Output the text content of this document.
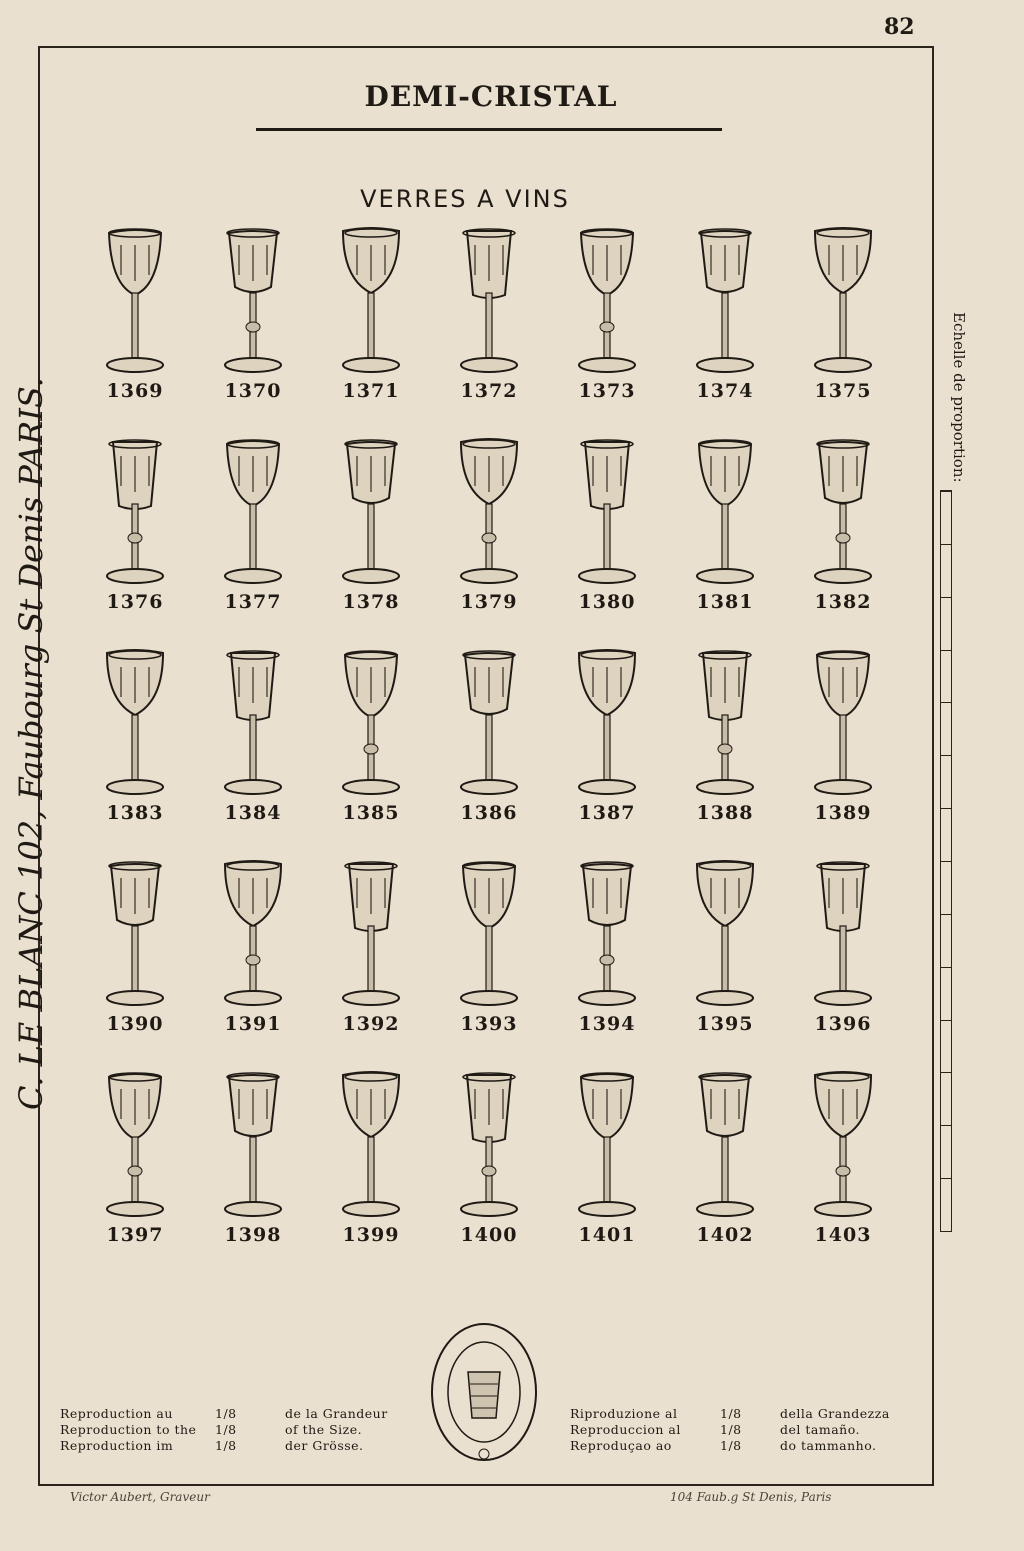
82
DEMI-CRISTAL
VERRES A VINS
C. LE BLANC 102, Faubourg St Denis PARIS.	Echelle de proportion:
1369	1370	1371	1372	1373	1374	1375
1376	1377	1378	1379	1380	1381	1382
1383	1384	1385	1386	1387	1388	1389
1390	1391	1392	1393	1394	1395	1396
1397	1398	1399	1400	1401	1402	1403
Reproduction au	1/8	de la Grandeur
Reproduction to the	1/8	of the Size.
Reproduction im	1/8	der Grösse.
Riproduzione al	1/8	della Grandezza
Reproduccion al	1/8	del tamaño.
Reproduçao ao	1/8	do tammanho.
Victor Aubert, Graveur	104 Faub.g St Denis, Paris
